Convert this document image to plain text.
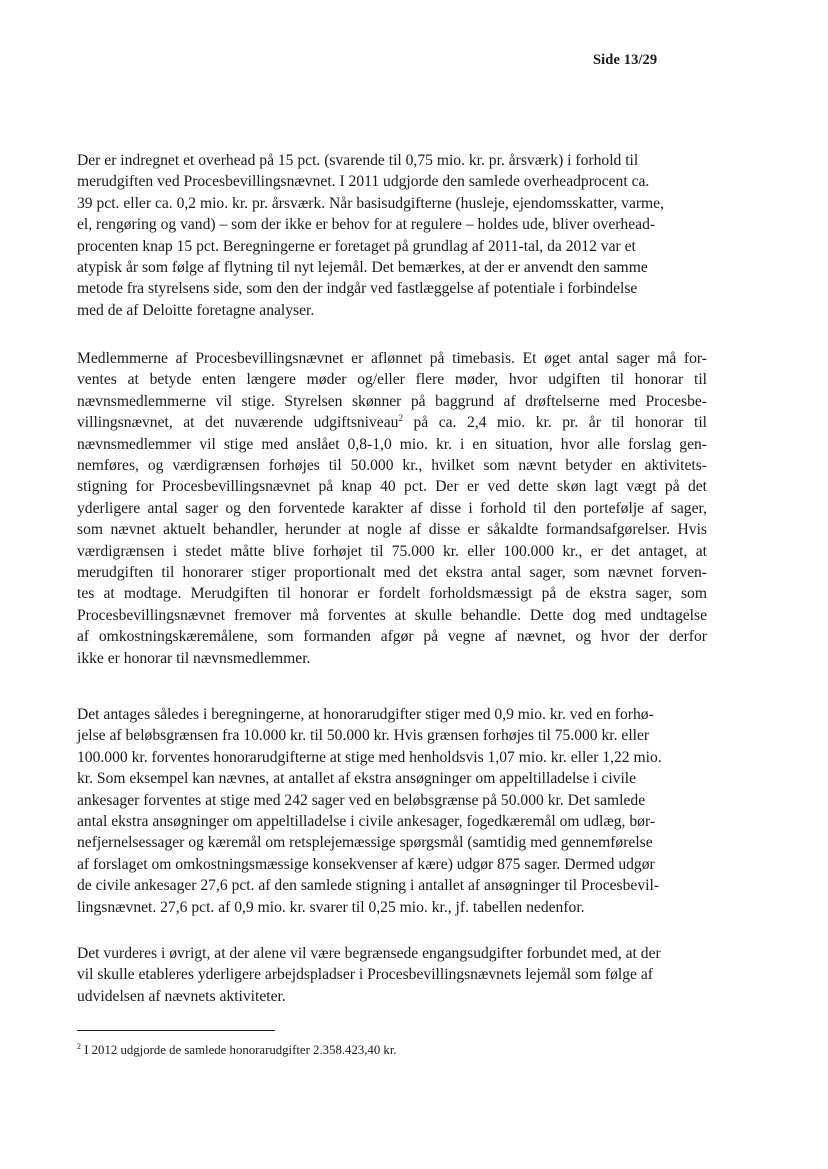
Side 13/29
Der er indregnet et overhead på 15 pct. (svarende til 0,75 mio. kr. pr. årsværk) i forhold til
merudgiften ved Procesbevillingsnævnet. I 2011 udgjorde den samlede overheadprocent ca.
39 pct. eller ca. 0,2 mio. kr. pr. årsværk. Når basisudgifterne (husleje, ejendomsskatter, varme,
el, rengøring og vand) – som der ikke er behov for at regulere – holdes ude, bliver overhead-
procenten knap 15 pct. Beregningerne er foretaget på grundlag af 2011-tal, da 2012 var et
atypisk år som følge af flytning til nyt lejemål. Det bemærkes, at der er anvendt den samme
metode fra styrelsens side, som den der indgår ved fastlæggelse af potentiale i forbindelse
med de af Deloitte foretagne analyser.
Medlemmerne af Procesbevillingsnævnet er aflønnet på timebasis. Et øget antal sager må for-
ventes at betyde enten længere møder og/eller flere møder, hvor udgiften til honorar til
nævnsmedlemmerne vil stige. Styrelsen skønner på baggrund af drøftelserne med Procesbe-
villingsnævnet, at det nuværende udgiftsniveau$^2$ på ca. 2,4 mio. kr. pr. år til honorar til
nævnsmedlemmer vil stige med anslået 0,8-1,0 mio. kr. i en situation, hvor alle forslag gen-
nemføres, og værdigrænsen forhøjes til 50.000 kr., hvilket som nævnt betyder en aktivitets-
stigning for Procesbevillingsnævnet på knap 40 pct. Der er ved dette skøn lagt vægt på det
yderligere antal sager og den forventede karakter af disse i forhold til den portefølje af sager,
som nævnet aktuelt behandler, herunder at nogle af disse er såkaldte formandsafgørelser. Hvis
værdigrænsen i stedet måtte blive forhøjet til 75.000 kr. eller 100.000 kr., er det antaget, at
merudgiften til honorarer stiger proportionalt med det ekstra antal sager, som nævnet forven-
tes at modtage. Merudgiften til honorar er fordelt forholdsmæssigt på de ekstra sager, som
Procesbevillingsnævnet fremover må forventes at skulle behandle. Dette dog med undtagelse
af omkostningskæremålene, som formanden afgør på vegne af nævnet, og hvor der derfor
ikke er honorar til nævnsmedlemmer.
Det antages således i beregningerne, at honorarudgifter stiger med 0,9 mio. kr. ved en forhø-
jelse af beløbsgrænsen fra 10.000 kr. til 50.000 kr. Hvis grænsen forhøjes til 75.000 kr. eller
100.000 kr. forventes honorarudgifterne at stige med henholdsvis 1,07 mio. kr. eller 1,22 mio.
kr. Som eksempel kan nævnes, at antallet af ekstra ansøgninger om appeltilladelse i civile
ankesager forventes at stige med 242 sager ved en beløbsgrænse på 50.000 kr. Det samlede
antal ekstra ansøgninger om appeltilladelse i civile ankesager, fogedkæremål om udlæg, bør-
nefjernelsessager og kæremål om retsplejemæssige spørgsmål (samtidig med gennemførelse
af forslaget om omkostningsmæssige konsekvenser af kære) udgør 875 sager. Dermed udgør
de civile ankesager 27,6 pct. af den samlede stigning i antallet af ansøgninger til Procesbevil-
lingsnævnet. 27,6 pct. af 0,9 mio. kr. svarer til 0,25 mio. kr., jf. tabellen nedenfor.
Det vurderes i øvrigt, at der alene vil være begrænsede engangsudgifter forbundet med, at der
vil skulle etableres yderligere arbejdspladser i Procesbevillingsnævnets lejemål som følge af
udvidelsen af nævnets aktiviteter.
$^2$ I 2012 udgjorde de samlede honorarudgifter 2.358.423,40 kr.
